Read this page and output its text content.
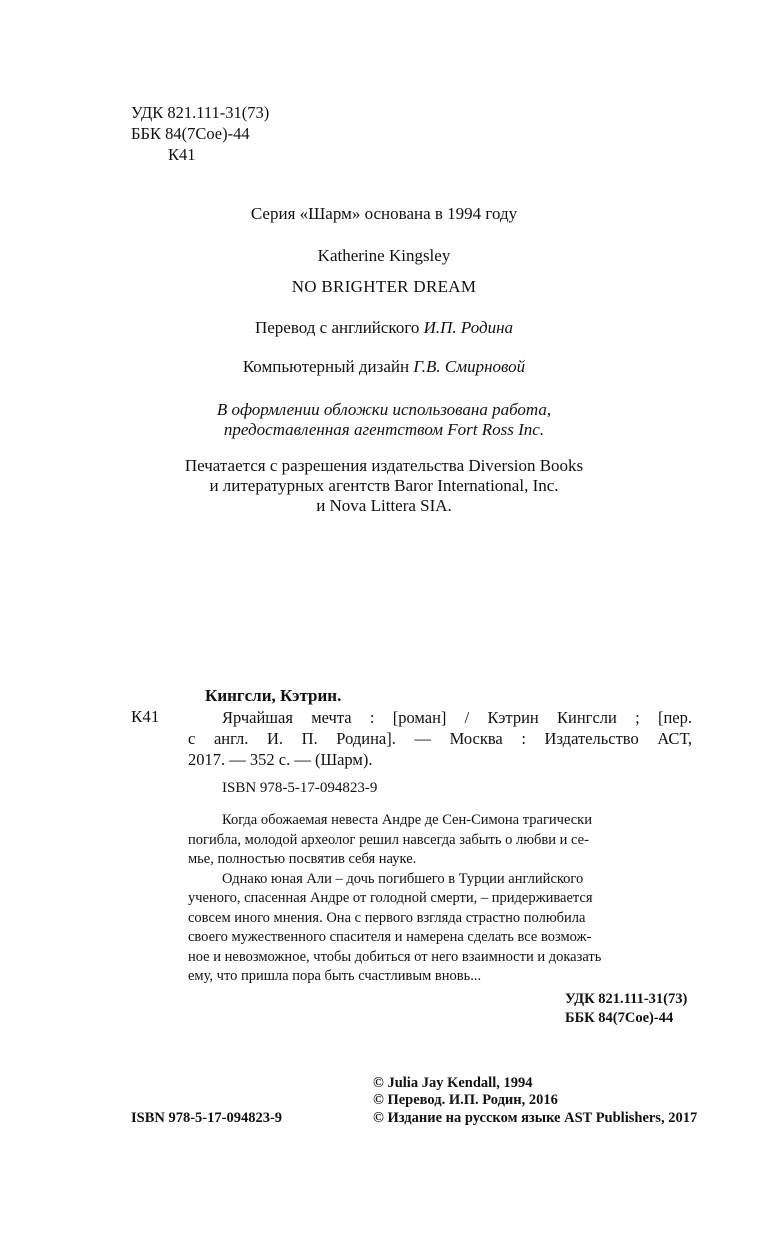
УДК 821.111-31(73)
ББК 84(7Сое)-44
К41
Серия «Шарм» основана в 1994 году
Katherine Kingsley
NO BRIGHTER DREAM
Перевод с английского И.П. Родина
Компьютерный дизайн Г.В. Смирновой
В оформлении обложки использована работа,
предоставленная агентством Fort Ross Inc.
Печатается с разрешения издательства Diversion Books
и литературных агентств Baror International, Inc.
и Nova Littera SIA.
Кингсли, Кэтрин.
К41	Ярчайшая мечта : [роман] / Кэтрин Кингсли ; [пер.
с англ. И. П. Родина]. — Москва : Издательство АСТ,
2017. — 352 с. — (Шарм).
ISBN 978-5-17-094823-9
Когда обожаемая невеста Андре де Сен-Симона трагически
погибла, молодой археолог решил навсегда забыть о любви и се-
мье, полностью посвятив себя науке.
Однако юная Али – дочь погибшего в Турции английского
ученого, спасенная Андре от голодной смерти, – придерживается
совсем иного мнения. Она с первого взгляда страстно полюбила
своего мужественного спасителя и намерена сделать все возмож-
ное и невозможное, чтобы добиться от него взаимности и доказать
ему, что пришла пора быть счастливым вновь...
УДК 821.111-31(73)
ББК 84(7Сое)-44
ISBN 978-5-17-094823-9
© Julia Jay Kendall, 1994
© Перевод. И.П. Родин, 2016
© Издание на русском языке AST Publishers, 2017
